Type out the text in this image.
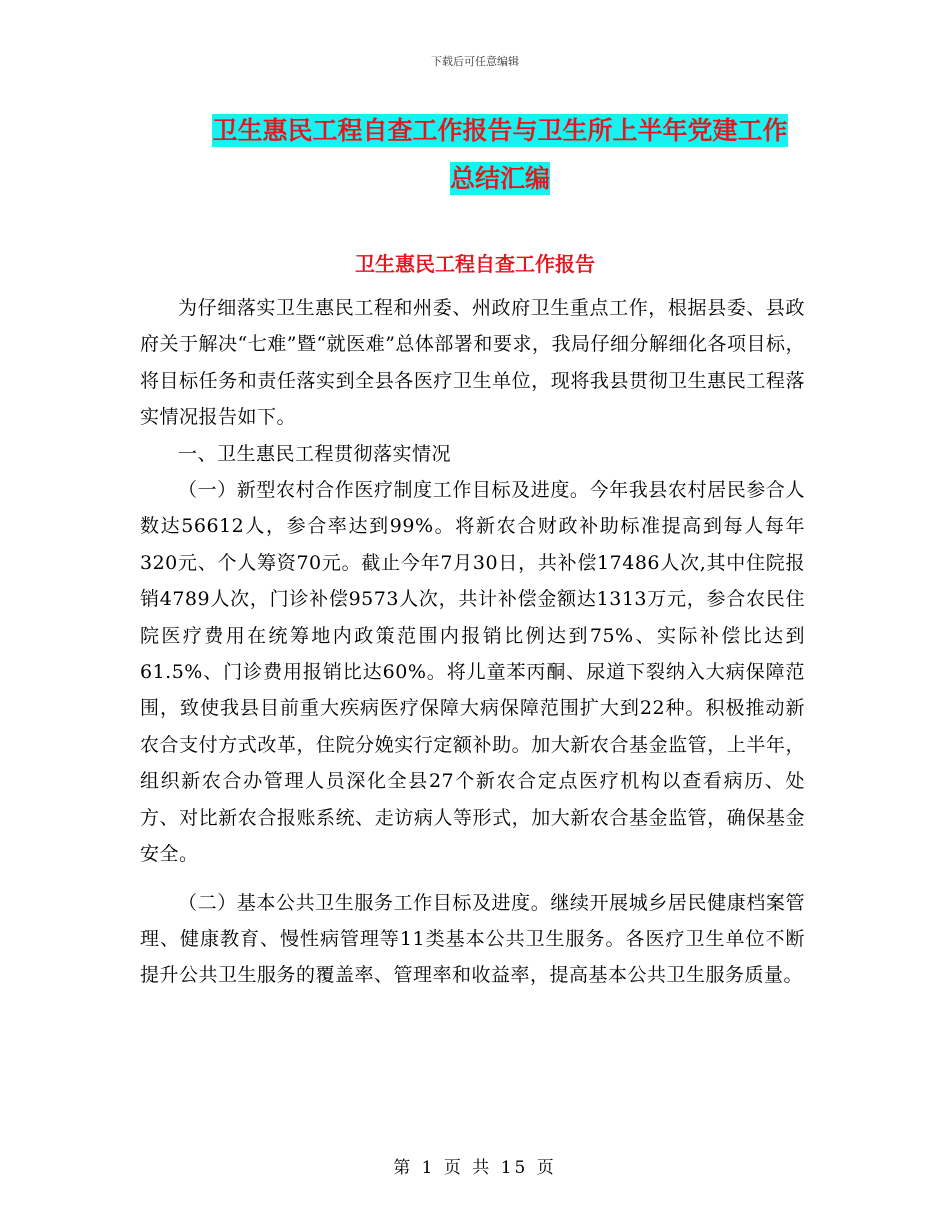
下载后可任意编辑
卫生惠民工程自查工作报告与卫生所上半年党建工作
总结汇编
卫生惠民工程自查工作报告

为仔细落实卫生惠民工程和州委、州政府卫生重点工作，根据县委、县政府关于解决“七难”暨“就医难”总体部署和要求，我局仔细分解细化各项目标，将目标任务和责任落实到全县各医疗卫生单位，现将我县贯彻卫生惠民工程落实情况报告如下。

一、卫生惠民工程贯彻落实情况

（一）新型农村合作医疗制度工作目标及进度。今年我县农村居民参合人数达56612人，参合率达到99%。将新农合财政补助标准提高到每人每年320元、个人筹资70元。截止今年7月30日，共补偿17486人次,其中住院报销4789人次，门诊补偿9573人次，共计补偿金额达1313万元，参合农民住院医疗费用在统筹地内政策范围内报销比例达到75%、实际补偿比达到61.5%、门诊费用报销比达60%。将儿童苯丙酮、尿道下裂纳入大病保障范围，致使我县目前重大疾病医疗保障大病保障范围扩大到22种。积极推动新农合支付方式改革，住院分娩实行定额补助。加大新农合基金监管，上半年，组织新农合办管理人员深化全县27个新农合定点医疗机构以查看病历、处方、对比新农合报账系统、走访病人等形式，加大新农合基金监管，确保基金安全。

（二）基本公共卫生服务工作目标及进度。继续开展城乡居民健康档案管理、健康教育、慢性病管理等11类基本公共卫生服务。各医疗卫生单位不断提升公共卫生服务的覆盖率、管理率和收益率，提高基本公共卫生服务质量。

第 1 页 共 15 页
